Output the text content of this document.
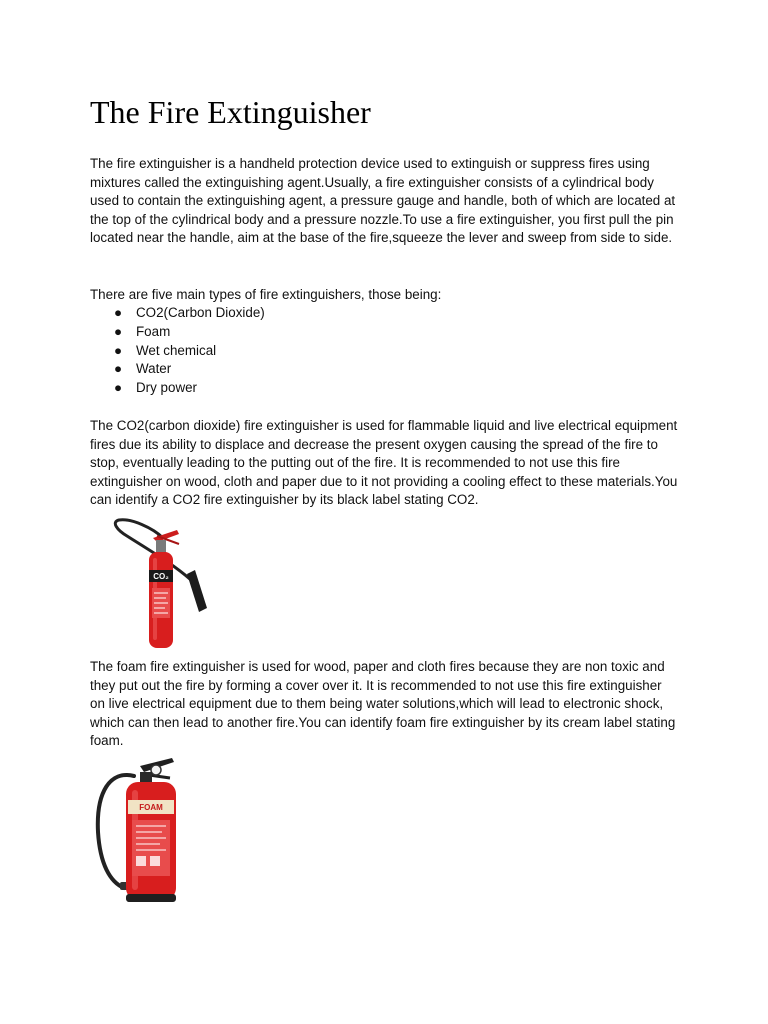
The Fire Extinguisher

The fire extinguisher is a handheld protection device used to extinguish or suppress fires using mixtures called the extinguishing agent.Usually, a fire extinguisher consists of a cylindrical body used to contain the extinguishing agent, a pressure gauge and handle, both of which are located at the top of the cylindrical body and a pressure nozzle.To use a fire extinguisher, you first pull the pin located near the handle, aim at the base of the fire,squeeze the lever and sweep from side to side.

There are five main types of fire extinguishers, those being:

● CO2(Carbon Dioxide)
● Foam
● Wet chemical
● Water
● Dry power

The CO2(carbon dioxide) fire extinguisher is used for flammable liquid and live electrical equipment fires due its ability to displace and decrease the present oxygen causing the spread of the fire to stop, eventually leading to the putting out of the fire. It is recommended to not use this fire extinguisher on wood, cloth and paper due to it not providing a cooling effect to these materials.You can identify a CO2 fire extinguisher by its black label stating CO2.

CO₂

The foam fire extinguisher is used for wood, paper and cloth fires because they are non toxic and they put out the fire by forming a cover over it. It is recommended to not use this fire extinguisher on live electrical equipment due to them being water solutions,which will lead to electronic shock, which can then lead to another fire.You can identify foam fire extinguisher by its cream label stating foam.

FOAM
